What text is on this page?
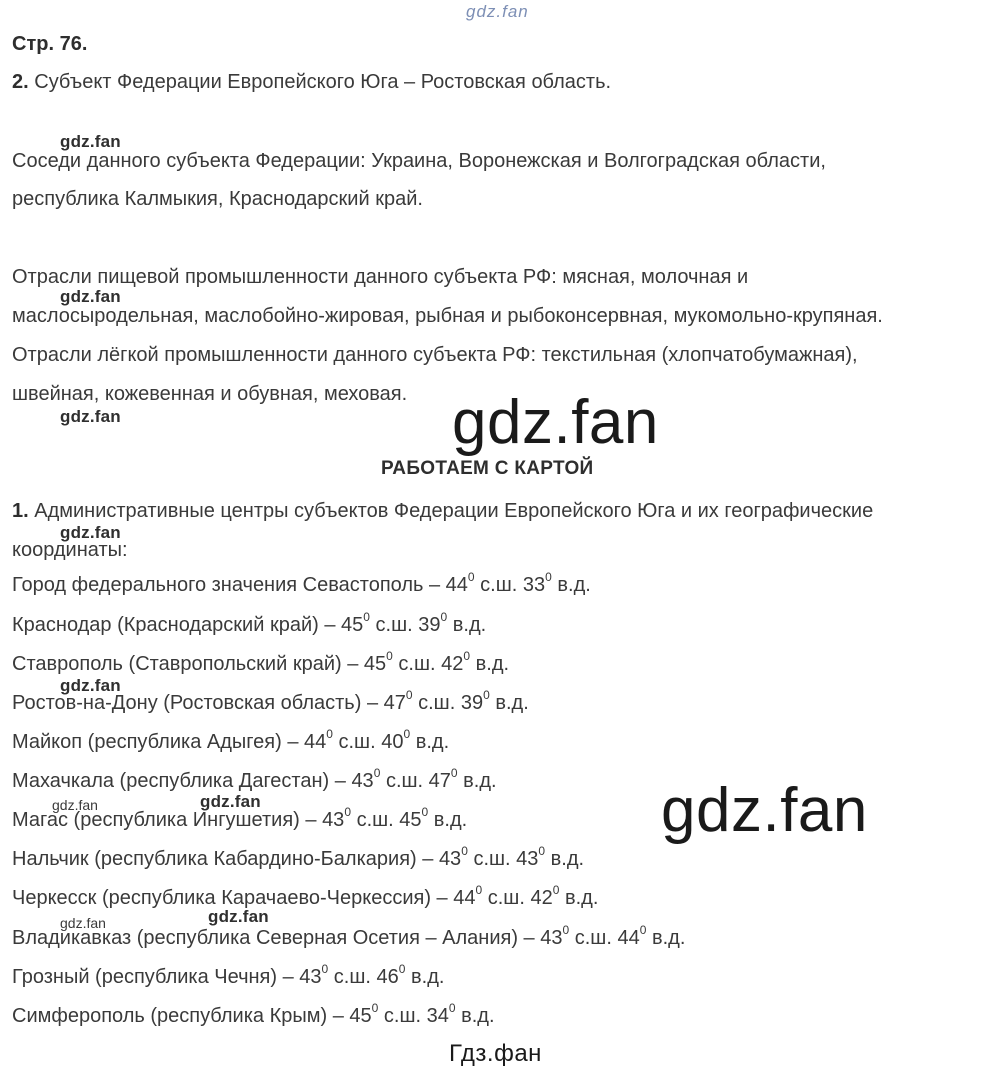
gdz.fan
Стр. 76.
2. Субъект Федерации Европейского Юга – Ростовская область.
gdz.fan
Соседи данного субъекта Федерации: Украина, Воронежская и Волгоградская области,
республика Калмыкия, Краснодарский край.
Отрасли пищевой промышленности данного субъекта РФ: мясная, молочная и
gdz.fan
маслосыродельная, маслобойно-жировая, рыбная и рыбоконсервная, мукомольно-крупяная.
Отрасли лёгкой промышленности данного субъекта РФ: текстильная (хлопчатобумажная),
швейная, кожевенная и обувная, меховая.
gdz.fan	gdz.fan
РАБОТАЕМ С КАРТОЙ
1. Административные центры субъектов Федерации Европейского Юга и их географические
gdz.fan
координаты:
Город федерального значения Севастополь – $44^0$ с.ш. $33^0$ в.д.
Краснодар (Краснодарский край) – $45^0$ с.ш. $39^0$ в.д.
Ставрополь (Ставропольский край) – $45^0$ с.ш. $42^0$ в.д.
Ростов-на-Дону (Ростовская область) – $47^0$ с.ш. $39^0$ в.д.
Майкоп (республика Адыгея) – $44^0$ с.ш. $40^0$ в.д.
Махачкала (республика Дагестан) – $43^0$ с.ш. $47^0$ в.д.
Магас (республика Ингушетия) – $43^0$ с.ш. $45^0$ в.д.
Нальчик (республика Кабардино-Балкария) – $43^0$ с.ш. $43^0$ в.д.
Черкесск (республика Карачаево-Черкессия) – $44^0$ с.ш. $42^0$ в.д.
Владикавказ (республика Северная Осетия – Алания) – $43^0$ с.ш. $44^0$ в.д.
Грозный (республика Чечня) – $43^0$ с.ш. $46^0$ в.д.
Симферополь (республика Крым) – $45^0$ с.ш. $34^0$ в.д.
gdz.fan
gdz.fan	gdz.fan
gdz.fan	gdz.fan
gdz.fan
Гдз.фан
